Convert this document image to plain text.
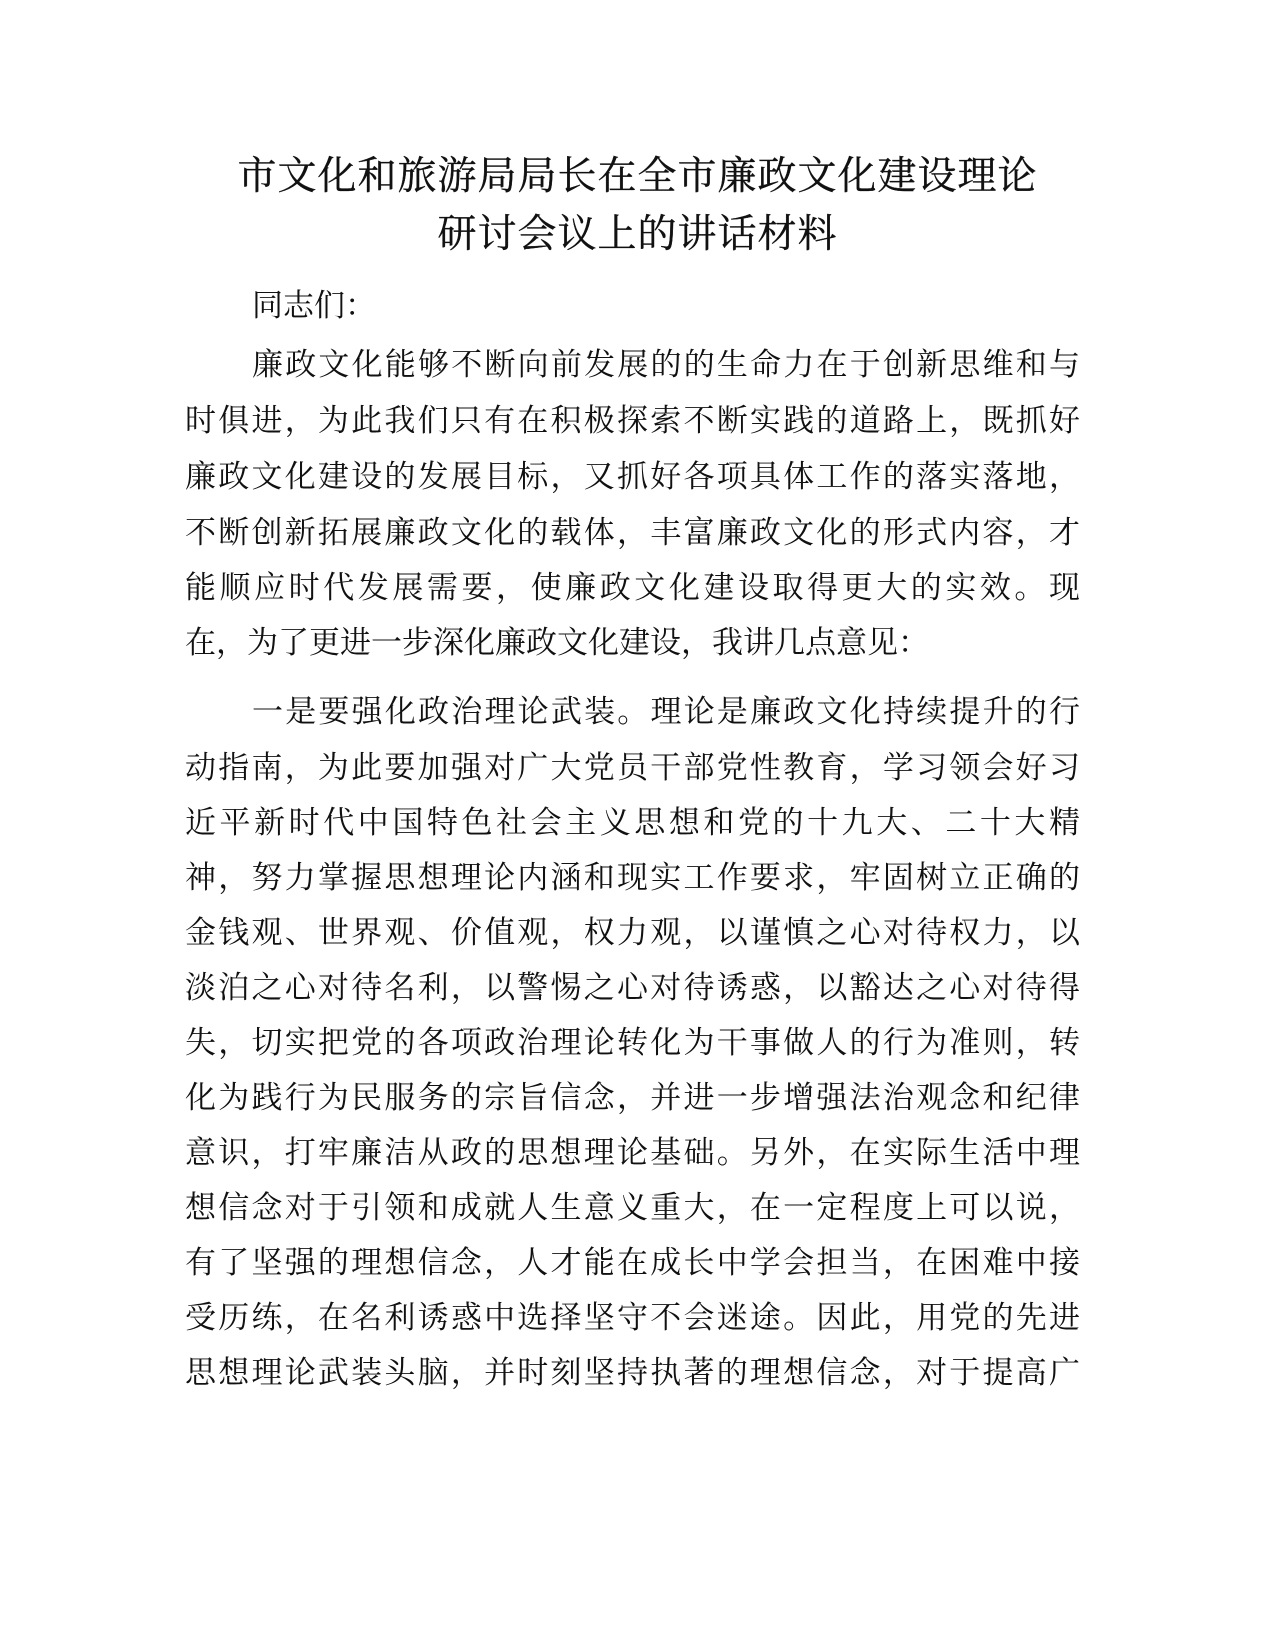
市文化和旅游局局长在全市廉政文化建设理论
研讨会议上的讲话材料

同志们：

廉政文化能够不断向前发展的的生命力在于创新思维和与

时俱进，为此我们只有在积极探索不断实践的道路上，既抓好

廉政文化建设的发展目标，又抓好各项具体工作的落实落地，

不断创新拓展廉政文化的载体，丰富廉政文化的形式内容，才

能顺应时代发展需要，使廉政文化建设取得更大的实效。现

在，为了更进一步深化廉政文化建设，我讲几点意见：

一是要强化政治理论武装。理论是廉政文化持续提升的行

动指南，为此要加强对广大党员干部党性教育，学习领会好习

近平新时代中国特色社会主义思想和党的十九大、二十大精

神，努力掌握思想理论内涵和现实工作要求，牢固树立正确的

金钱观、世界观、价值观，权力观，以谨慎之心对待权力，以

淡泊之心对待名利，以警惕之心对待诱惑，以豁达之心对待得

失，切实把党的各项政治理论转化为干事做人的行为准则，转

化为践行为民服务的宗旨信念，并进一步增强法治观念和纪律

意识，打牢廉洁从政的思想理论基础。另外，在实际生活中理

想信念对于引领和成就人生意义重大，在一定程度上可以说，

有了坚强的理想信念，人才能在成长中学会担当，在困难中接

受历练，在名利诱惑中选择坚守不会迷途。因此，用党的先进

思想理论武装头脑，并时刻坚持执著的理想信念，对于提高广
